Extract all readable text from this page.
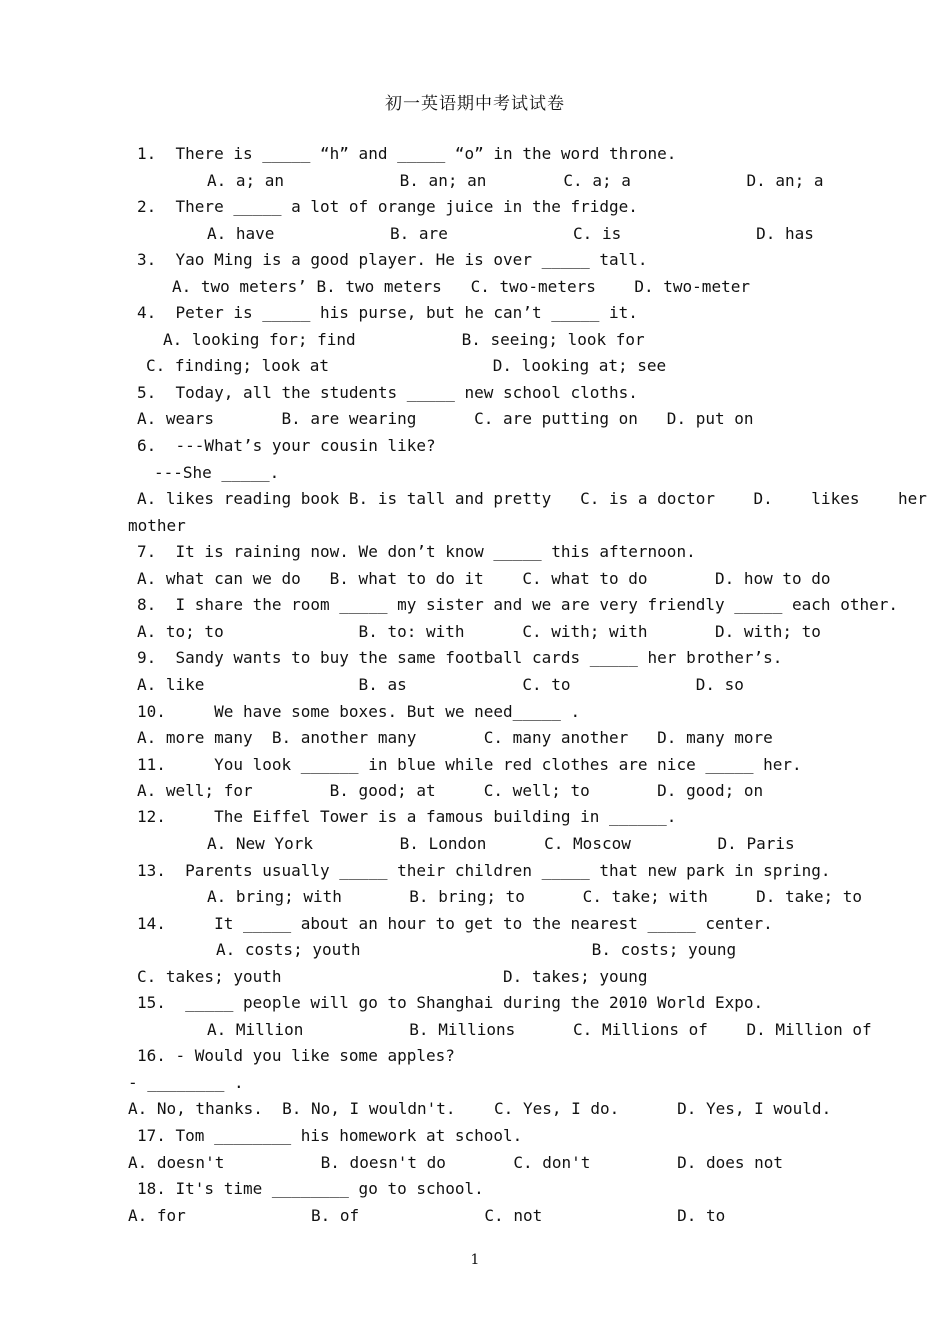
初一英语期中考试试卷
1.  There is _____ “h” and _____ “o” in the word throne.
A. a; an            B. an; an        C. a; a            D. an; a
2.  There _____ a lot of orange juice in the fridge.
A. have            B. are             C. is              D. has
3.  Yao Ming is a good player. He is over _____ tall.
A. two meters’ B. two meters   C. two-meters    D. two-meter
4.  Peter is _____ his purse, but he can’t _____ it.
A. looking for; find           B. seeing; look for
C. finding; look at                 D. looking at; see
5.  Today, all the students _____ new school cloths.
A. wears       B. are wearing      C. are putting on   D. put on
6.  ---What’s your cousin like?
---She _____.
A. likes reading book B. is tall and pretty   C. is a doctor    D.    likes    her
mother
7.  It is raining now. We don’t know _____ this afternoon.
A. what can we do   B. what to do it    C. what to do       D. how to do
8.  I share the room _____ my sister and we are very friendly _____ each other.
A. to; to              B. to: with      C. with; with       D. with; to
9.  Sandy wants to buy the same football cards _____ her brother’s.
A. like                B. as            C. to             D. so
10.     We have some boxes. But we need_____ .
A. more many  B. another many       C. many another   D. many more
11.     You look ______ in blue while red clothes are nice _____ her.
A. well; for        B. good; at     C. well; to       D. good; on
12.     The Eiffel Tower is a famous building in ______.
A. New York         B. London      C. Moscow         D. Paris
13.  Parents usually _____ their children _____ that new park in spring.
A. bring; with       B. bring; to      C. take; with     D. take; to
14.     It _____ about an hour to get to the nearest _____ center.
A. costs; youth                        B. costs; young
C. takes; youth                       D. takes; young
15.  _____ people will go to Shanghai during the 2010 World Expo.
A. Million           B. Millions      C. Millions of    D. Million of
16. - Would you like some apples?
- ________ .
A. No, thanks.  B. No, I wouldn't.    C. Yes, I do.      D. Yes, I would.
17. Tom ________ his homework at school.
A. doesn't          B. doesn't do       C. don't         D. does not
18. It's time ________ go to school.
A. for             B. of             C. not              D. to
1
